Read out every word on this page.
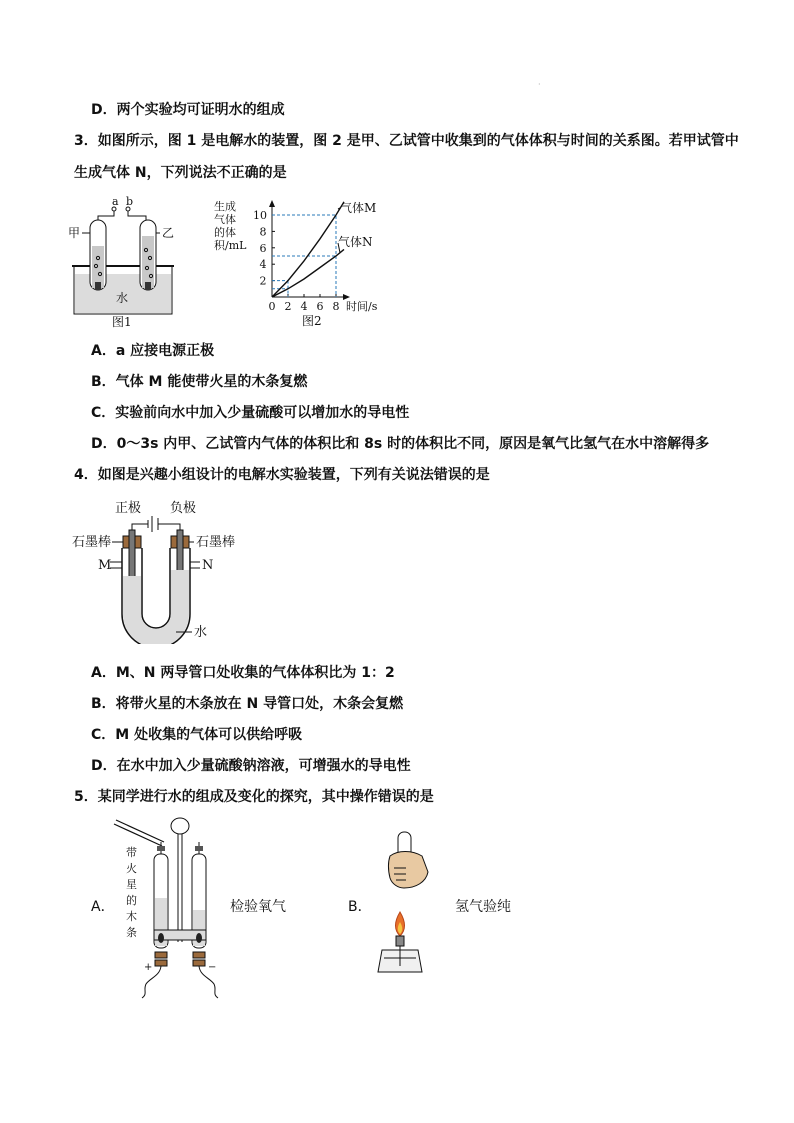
·
D．两个实验均可证明水的组成
3．如图所示，图 1 是电解水的装置，图 2 是甲、乙试管中收集到的气体体积与时间的关系图。若甲试管中
生成气体 N，下列说法不正确的是
a b
甲	乙
水
图1
生成
气体
的体
积/mL
时间/s
0 2 4 6 8
2
4
6
8
10
气体M
气体N
图2
A．a 应接电源正极
B．气体 M 能使带火星的木条复燃
C．实验前向水中加入少量硫酸可以增加水的导电性
D．0～3s 内甲、乙试管内气体的体积比和 8s 时的体积比不同，原因是氧气比氢气在水中溶解得多
4．如图是兴趣小组设计的电解水实验装置，下列有关说法错误的是
正极 负极
石墨棒	石墨棒
M	N
水
A．M、N 两导管口处收集的气体体积比为 1：2
B．将带火星的木条放在 N 导管口处，木条会复燃
C．M 处收集的气体可以供给呼吸
D．在水中加入少量硫酸钠溶液，可增强水的导电性
5．某同学进行水的组成及变化的探究，其中操作错误的是
A．
带
火
星
的
木
条
+	−
检验氧气	B．	氢气验纯
